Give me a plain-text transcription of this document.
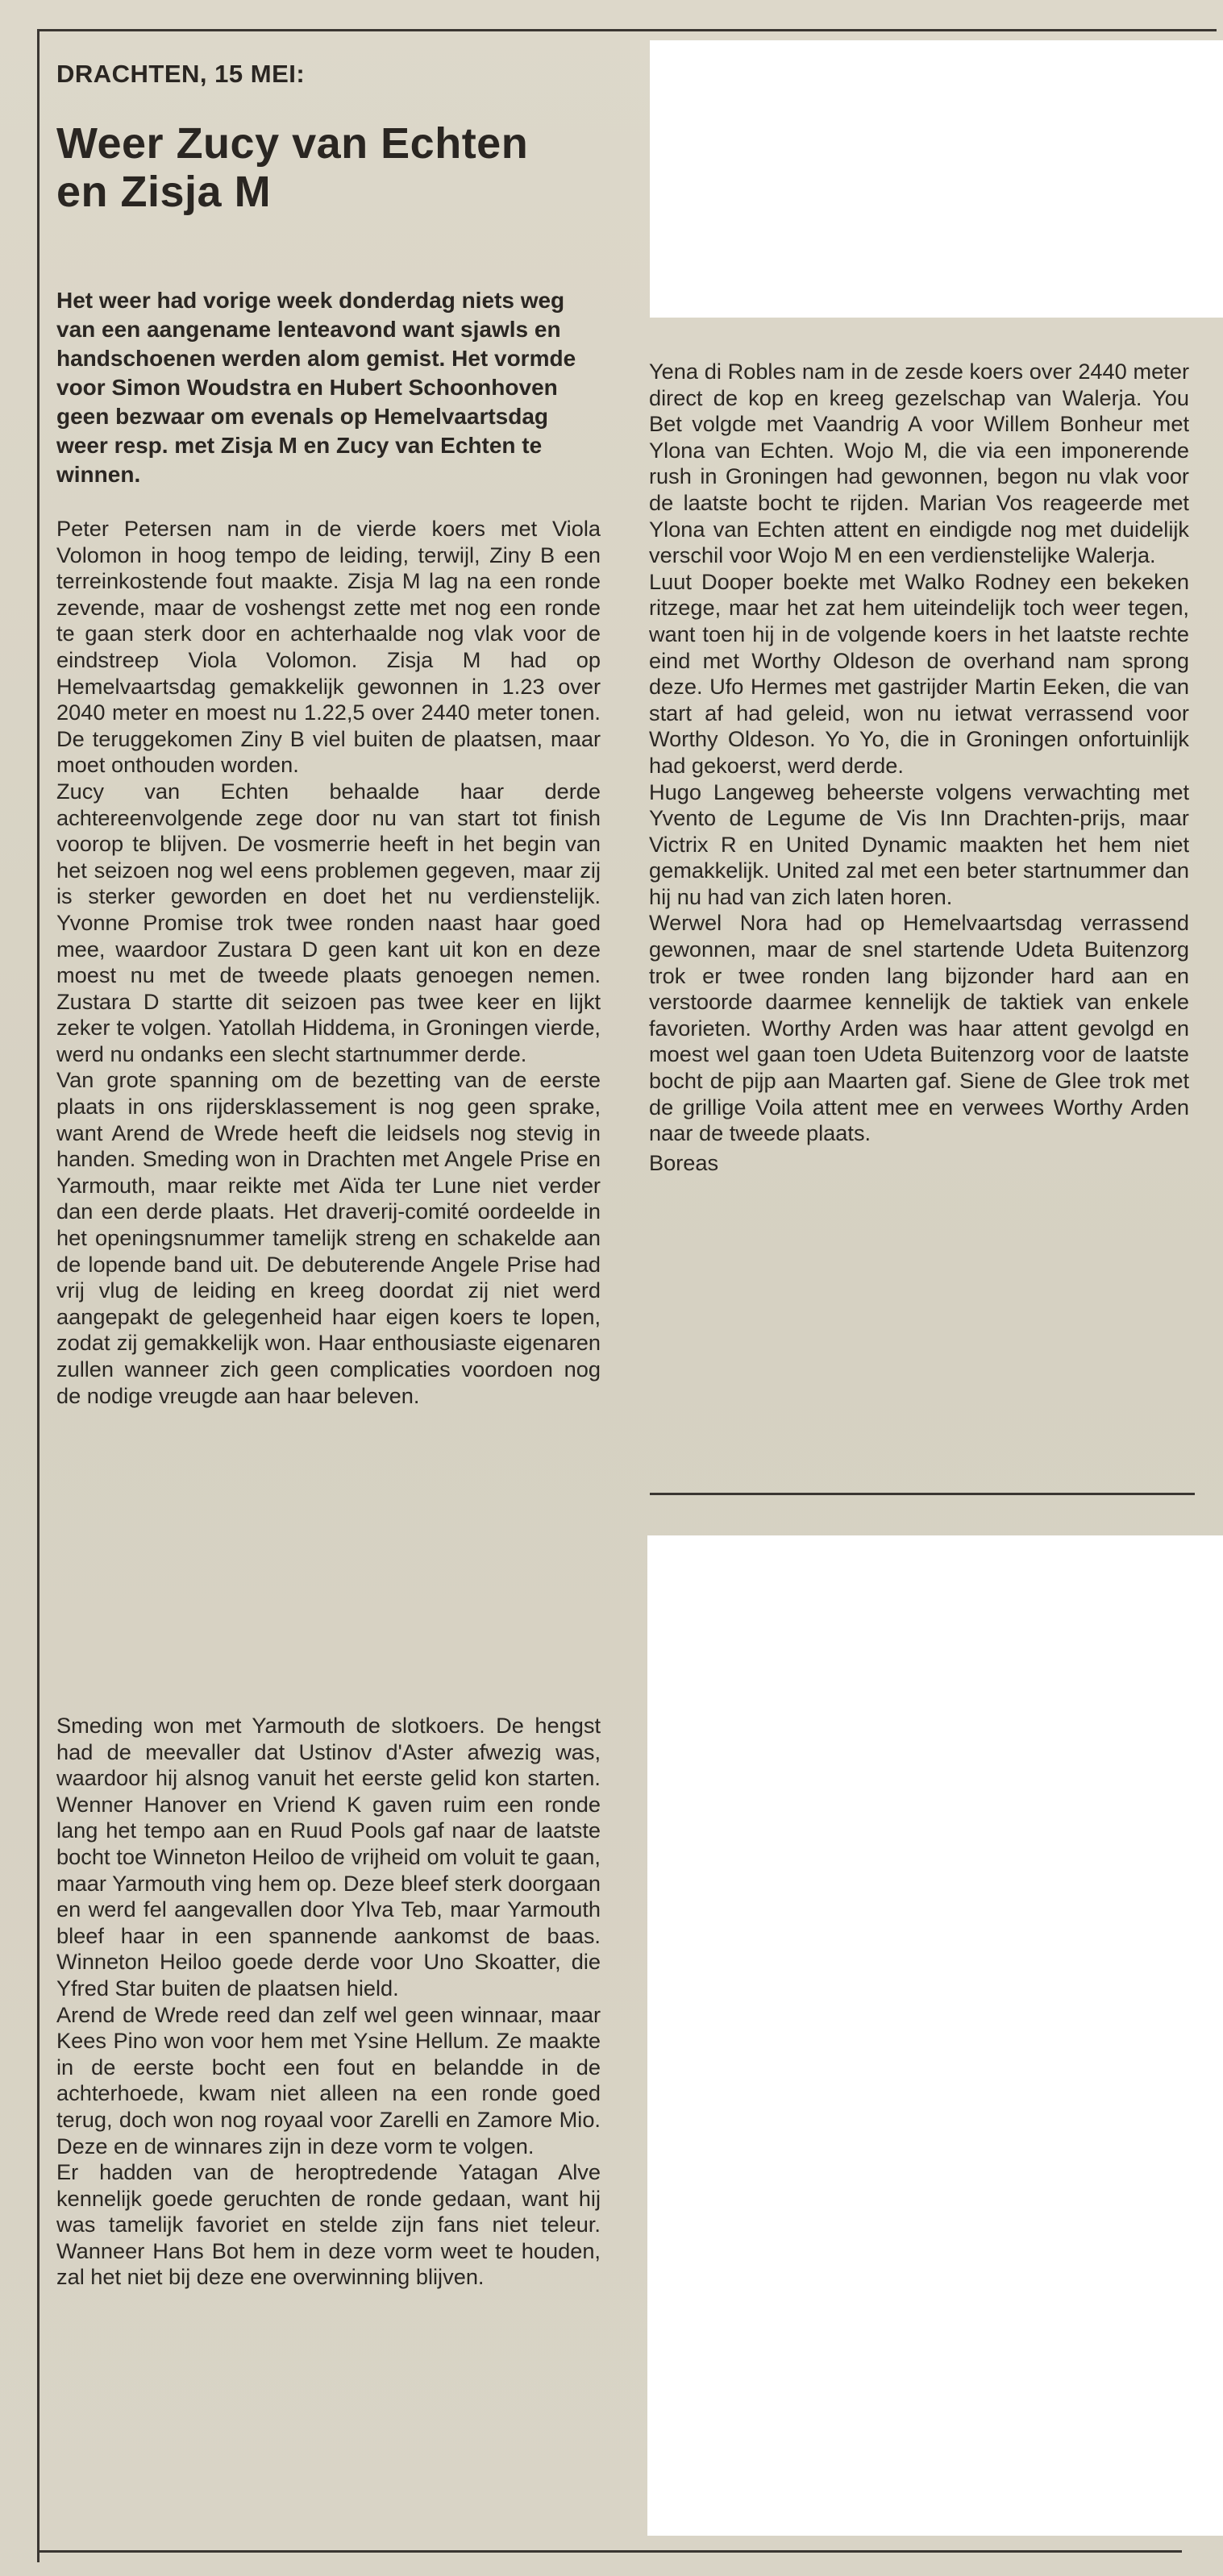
DRACHTEN, 15 MEI:
Weer Zucy van Echten
en Zisja M
Het weer had vorige week donderdag niets weg van een aangename lenteavond want sjawls en handschoenen werden alom gemist. Het vormde voor Simon Woudstra en Hubert Schoonhoven geen bezwaar om evenals op Hemelvaartsdag weer resp. met Zisja M en Zucy van Echten te winnen.

Peter Petersen nam in de vierde koers met Viola Volomon in hoog tempo de leiding, terwijl, Ziny B een terreinkostende fout maakte. Zisja M lag na een ronde zevende, maar de voshengst zette met nog een ronde te gaan sterk door en achterhaalde nog vlak voor de eindstreep Viola Volomon. Zisja M had op Hemelvaartsdag gemakkelijk gewonnen in 1.23 over 2040 meter en moest nu 1.22,5 over 2440 meter tonen. De teruggekomen Ziny B viel buiten de plaatsen, maar moet onthouden worden.

Zucy van Echten behaalde haar derde achtereenvolgende zege door nu van start tot finish voorop te blijven. De vosmerrie heeft in het begin van het seizoen nog wel eens problemen gegeven, maar zij is sterker geworden en doet het nu verdienstelijk. Yvonne Promise trok twee ronden naast haar goed mee, waardoor Zustara D geen kant uit kon en deze moest nu met de tweede plaats genoegen nemen. Zustara D startte dit seizoen pas twee keer en lijkt zeker te volgen. Yatollah Hiddema, in Groningen vierde, werd nu ondanks een slecht startnummer derde.

Van grote spanning om de bezetting van de eerste plaats in ons rijdersklassement is nog geen sprake, want Arend de Wrede heeft die leidsels nog stevig in handen. Smeding won in Drachten met Angele Prise en Yarmouth, maar reikte met Aïda ter Lune niet verder dan een derde plaats. Het draverij-comité oordeelde in het openingsnummer tamelijk streng en schakelde aan de lopende band uit. De debuterende Angele Prise had vrij vlug de leiding en kreeg doordat zij niet werd aangepakt de gelegenheid haar eigen koers te lopen, zodat zij gemakkelijk won. Haar enthousiaste eigenaren zullen wanneer zich geen complicaties voordoen nog de nodige vreugde aan haar beleven.

Smeding won met Yarmouth de slotkoers. De hengst had de meevaller dat Ustinov d'Aster afwezig was, waardoor hij alsnog vanuit het eerste gelid kon starten. Wenner Hanover en Vriend K gaven ruim een ronde lang het tempo aan en Ruud Pools gaf naar de laatste bocht toe Winneton Heiloo de vrijheid om voluit te gaan, maar Yarmouth ving hem op. Deze bleef sterk doorgaan en werd fel aangevallen door Ylva Teb, maar Yarmouth bleef haar in een spannende aankomst de baas. Winneton Heiloo goede derde voor Uno Skoatter, die Yfred Star buiten de plaatsen hield.

Arend de Wrede reed dan zelf wel geen winnaar, maar Kees Pino won voor hem met Ysine Hellum. Ze maakte in de eerste bocht een fout en belandde in de achterhoede, kwam niet alleen na een ronde goed terug, doch won nog royaal voor Zarelli en Zamore Mio. Deze en de winnares zijn in deze vorm te volgen.

Er hadden van de heroptredende Yatagan Alve kennelijk goede geruchten de ronde gedaan, want hij was tamelijk favoriet en stelde zijn fans niet teleur. Wanneer Hans Bot hem in deze vorm weet te houden, zal het niet bij deze ene overwinning blijven.

Yena di Robles nam in de zesde koers over 2440 meter direct de kop en kreeg gezelschap van Walerja. You Bet volgde met Vaandrig A voor Willem Bonheur met Ylona van Echten. Wojo M, die via een imponerende rush in Groningen had gewonnen, begon nu vlak voor de laatste bocht te rijden. Marian Vos reageerde met Ylona van Echten attent en eindigde nog met duidelijk verschil voor Wojo M en een verdienstelijke Walerja.

Luut Dooper boekte met Walko Rodney een bekeken ritzege, maar het zat hem uiteindelijk toch weer tegen, want toen hij in de volgende koers in het laatste rechte eind met Worthy Oldeson de overhand nam sprong deze. Ufo Hermes met gastrijder Martin Eeken, die van start af had geleid, won nu ietwat verrassend voor Worthy Oldeson. Yo Yo, die in Groningen onfortuinlijk had gekoerst, werd derde.

Hugo Langeweg beheerste volgens verwachting met Yvento de Legume de Vis Inn Drachten-prijs, maar Victrix R en United Dynamic maakten het hem niet gemakkelijk. United zal met een beter startnummer dan hij nu had van zich laten horen.

Werwel Nora had op Hemelvaartsdag verrassend gewonnen, maar de snel startende Udeta Buitenzorg trok er twee ronden lang bijzonder hard aan en verstoorde daarmee kennelijk de taktiek van enkele favorieten. Worthy Arden was haar attent gevolgd en moest wel gaan toen Udeta Buitenzorg voor de laatste bocht de pijp aan Maarten gaf. Siene de Glee trok met de grillige Voila attent mee en verwees Worthy Arden naar de tweede plaats.

Boreas
